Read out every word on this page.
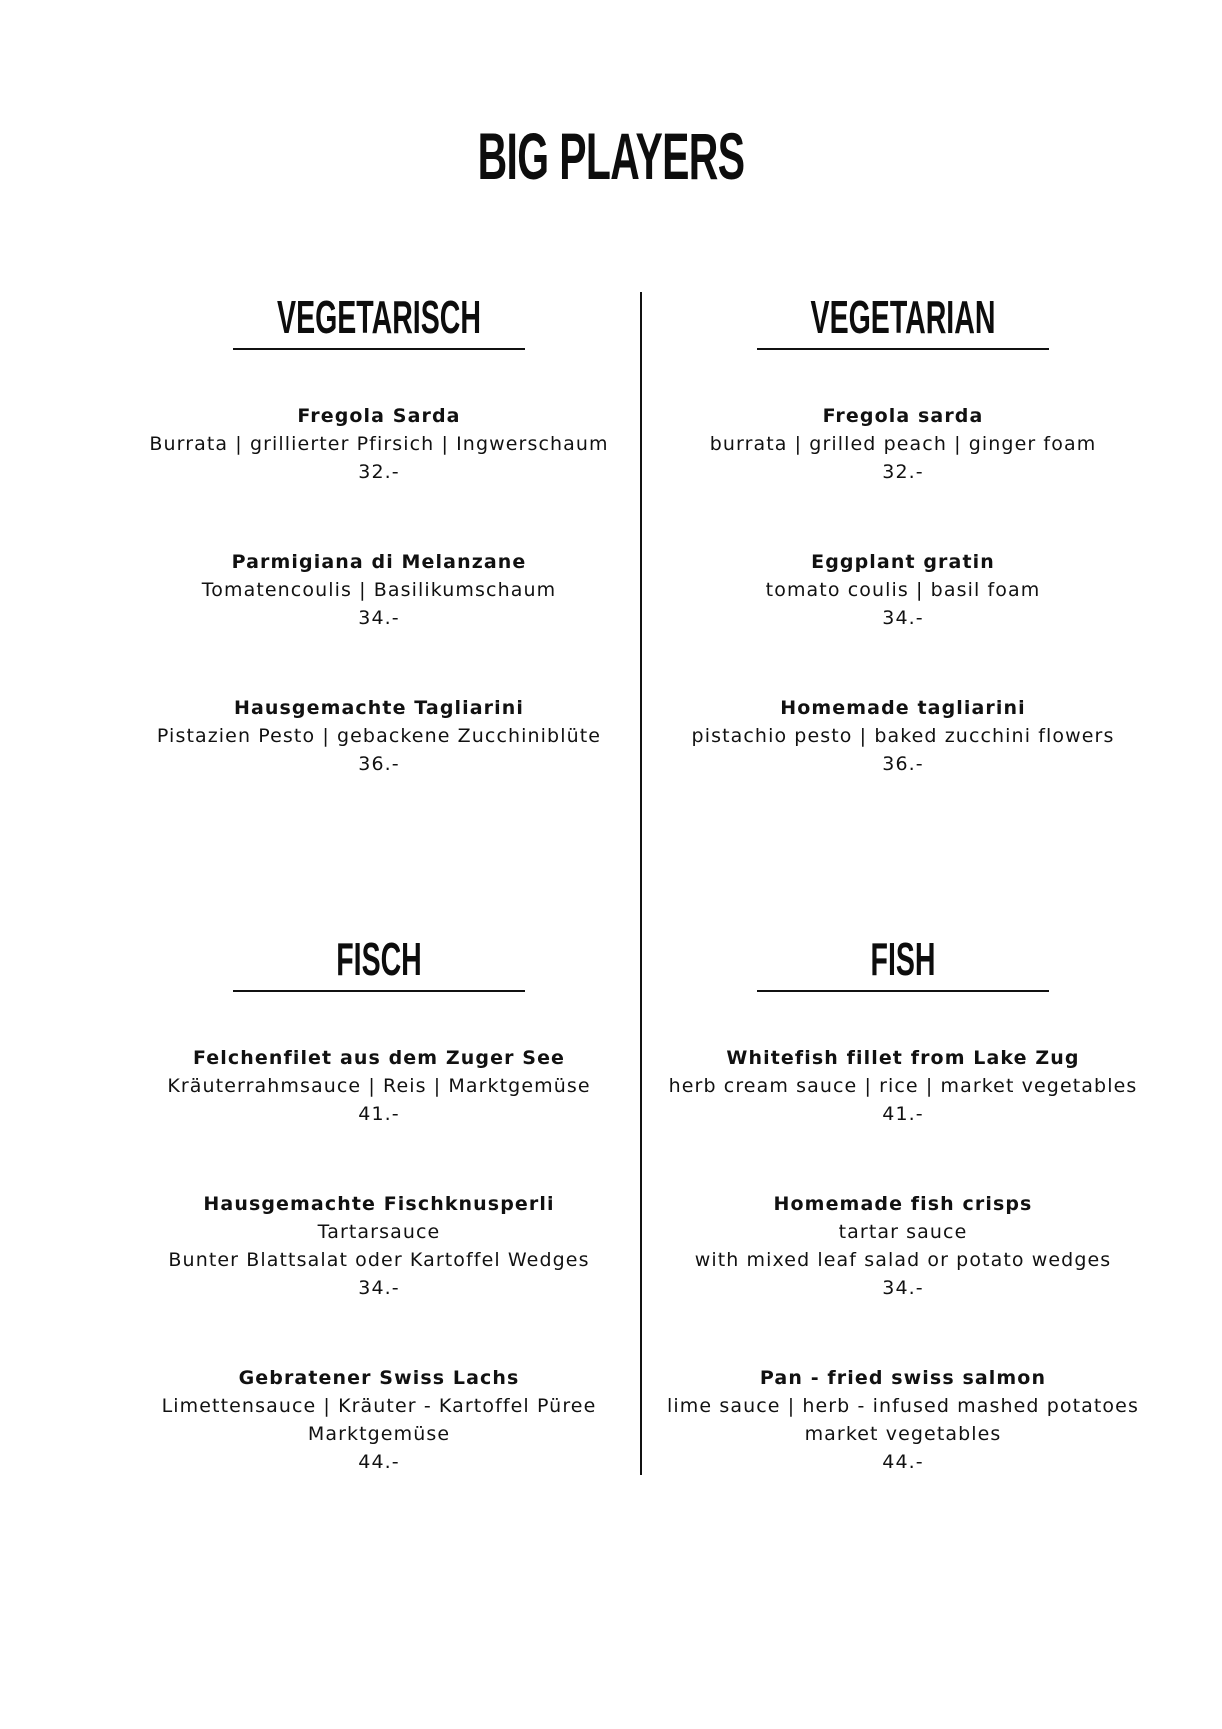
BIG PLAYERS
VEGETARISCH
Fregola Sarda
Burrata | grillierter Pfirsich | Ingwerschaum
32.-
Parmigiana di Melanzane
Tomatencoulis | Basilikumschaum
34.-
Hausgemachte Tagliarini
Pistazien Pesto | gebackene Zucchiniblüte
36.-
FISCH
Felchenfilet aus dem Zuger See
Kräuterrahmsauce | Reis | Marktgemüse
41.-
Hausgemachte Fischknusperli
Tartarsauce
Bunter Blattsalat oder Kartoffel Wedges
34.-
Gebratener Swiss Lachs
Limettensauce | Kräuter - Kartoffel Püree
Marktgemüse
44.-
VEGETARIAN
Fregola sarda
burrata | grilled peach | ginger foam
32.-
Eggplant gratin
tomato coulis | basil foam
34.-
Homemade tagliarini
pistachio pesto | baked zucchini flowers
36.-
FISH
Whitefish fillet from Lake Zug
herb cream sauce | rice | market vegetables
41.-
Homemade fish crisps
tartar sauce
with mixed leaf salad or potato wedges
34.-
Pan - fried swiss salmon
lime sauce | herb - infused mashed potatoes
market vegetables
44.-
